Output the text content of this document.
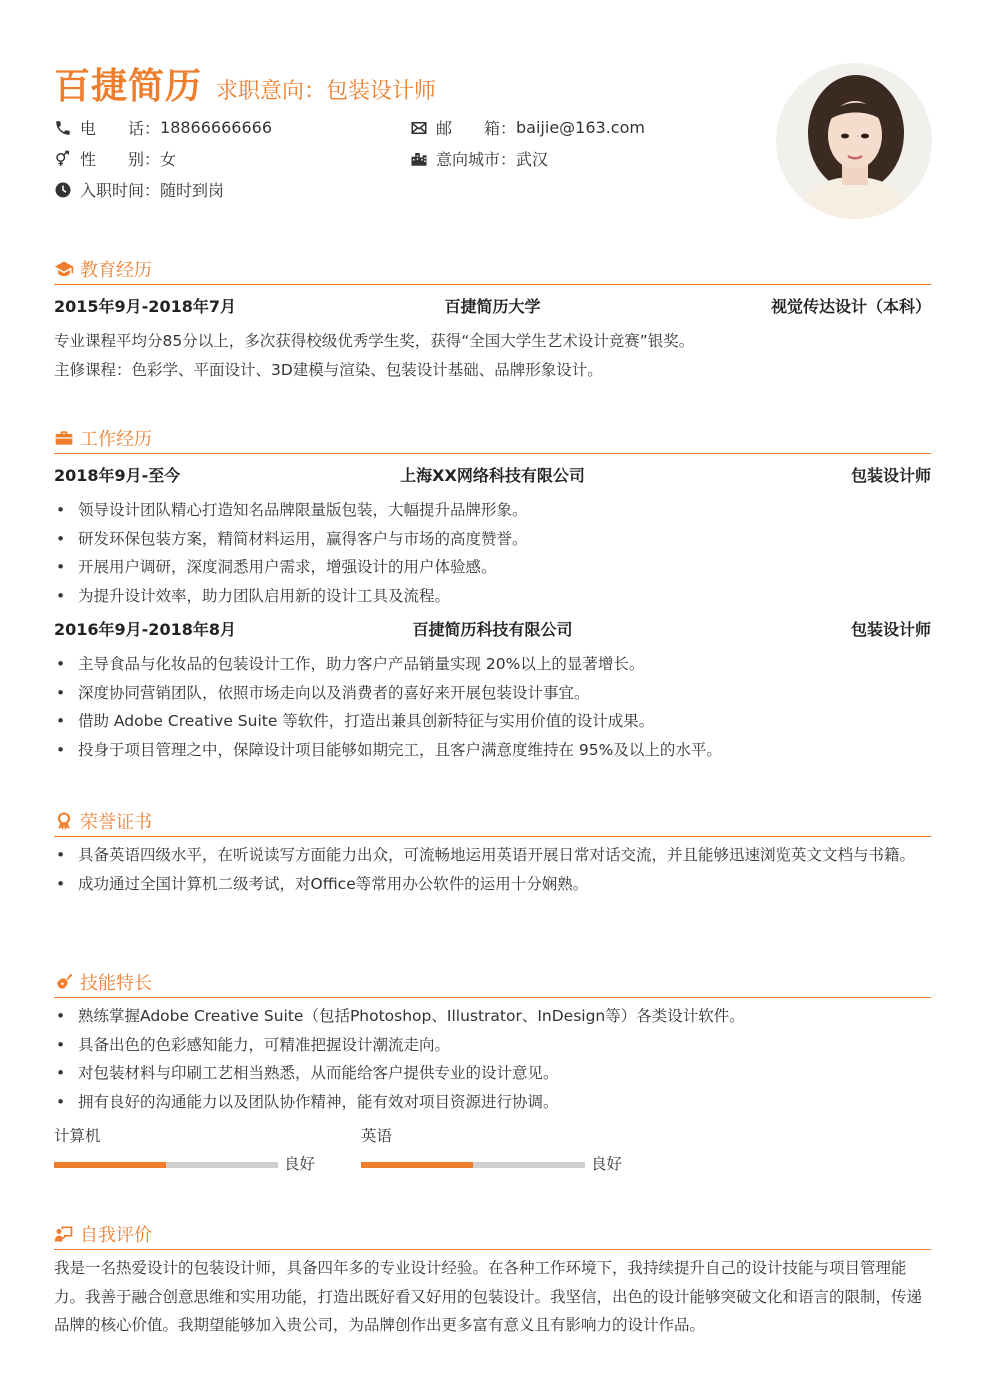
百捷简历 求职意向：包装设计师
电　　话： 18866666666	邮　　箱： baijie@163.com
性　　别： 女	意向城市： 武汉
入职时间： 随时到岗
教育经历
2015年9月-2018年7月	百捷简历大学	视觉传达设计（本科）
专业课程平均分85分以上，多次获得校级优秀学生奖，获得“全国大学生艺术设计竞赛”银奖。
主修课程：色彩学、平面设计、3D建模与渲染、包装设计基础、品牌形象设计。
工作经历
2018年9月-至今	上海XX网络科技有限公司	包装设计师
• 领导设计团队精心打造知名品牌限量版包装，大幅提升品牌形象。
• 研发环保包装方案，精简材料运用，赢得客户与市场的高度赞誉。
• 开展用户调研，深度洞悉用户需求，增强设计的用户体验感。
• 为提升设计效率，助力团队启用新的设计工具及流程。
2016年9月-2018年8月	百捷简历科技有限公司	包装设计师
• 主导食品与化妆品的包装设计工作，助力客户产品销量实现 20%以上的显著增长。
• 深度协同营销团队，依照市场走向以及消费者的喜好来开展包装设计事宜。
• 借助 Adobe Creative Suite 等软件，打造出兼具创新特征与实用价值的设计成果。
• 投身于项目管理之中，保障设计项目能够如期完工，且客户满意度维持在 95%及以上的水平。
荣誉证书
• 具备英语四级水平，在听说读写方面能力出众，可流畅地运用英语开展日常对话交流，并且能够迅速浏览英文文档与书籍。
• 成功通过全国计算机二级考试，对Office等常用办公软件的运用十分娴熟。
技能特长
• 熟练掌握Adobe Creative Suite（包括Photoshop、Illustrator、InDesign等）各类设计软件。
• 具备出色的色彩感知能力，可精准把握设计潮流走向。
• 对包装材料与印刷工艺相当熟悉，从而能给客户提供专业的设计意见。
• 拥有良好的沟通能力以及团队协作精神，能有效对项目资源进行协调。
计算机
良好
英语
良好
自我评价
我是一名热爱设计的包装设计师，具备四年多的专业设计经验。在各种工作环境下，我持续提升自己的设计技能与项目管理能力。我善于融合创意思维和实用功能，打造出既好看又好用的包装设计。我坚信，出色的设计能够突破文化和语言的限制，传递品牌的核心价值。我期望能够加入贵公司，为品牌创作出更多富有意义且有影响力的设计作品。
